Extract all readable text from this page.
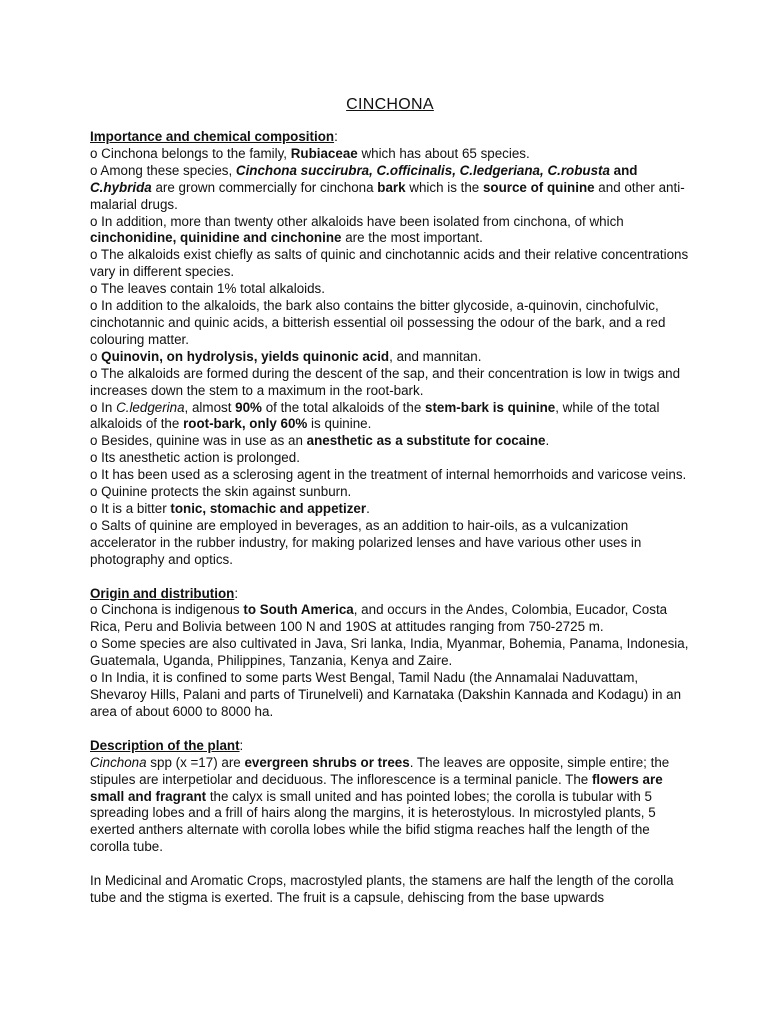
CINCHONA
Importance and chemical composition:
o Cinchona belongs to the family, Rubiaceae which has about 65 species.
o Among these species, Cinchona succirubra, C.officinalis, C.ledgeriana, C.robusta and C.hybrida are grown commercially for cinchona bark which is the source of quinine and other anti-malarial drugs.
o In addition, more than twenty other alkaloids have been isolated from cinchona, of which cinchonidine, quinidine and cinchonine are the most important.
o The alkaloids exist chiefly as salts of quinic and cinchotannic acids and their relative concentrations vary in different species.
o The leaves contain 1% total alkaloids.
o In addition to the alkaloids, the bark also contains the bitter glycoside, a-quinovin, cinchofulvic, cinchotannic and quinic acids, a bitterish essential oil possessing the odour of the bark, and a red colouring matter.
o Quinovin, on hydrolysis, yields quinonic acid, and mannitan.
o The alkaloids are formed during the descent of the sap, and their concentration is low in twigs and increases down the stem to a maximum in the root-bark.
o In C.ledgerina, almost 90% of the total alkaloids of the stem-bark is quinine, while of the total alkaloids of the root-bark, only 60% is quinine.
o Besides, quinine was in use as an anesthetic as a substitute for cocaine.
o Its anesthetic action is prolonged.
o It has been used as a sclerosing agent in the treatment of internal hemorrhoids and varicose veins.
o Quinine protects the skin against sunburn.
o It is a bitter tonic, stomachic and appetizer.
o Salts of quinine are employed in beverages, as an addition to hair-oils, as a vulcanization accelerator in the rubber industry, for making polarized lenses and have various other uses in photography and optics.
Origin and distribution:
o Cinchona is indigenous to South America, and occurs in the Andes, Colombia, Eucador, Costa Rica, Peru and Bolivia between 100 N and 190S at attitudes ranging from 750-2725 m.
o Some species are also cultivated in Java, Sri lanka, India, Myanmar, Bohemia, Panama, Indonesia, Guatemala, Uganda, Philippines, Tanzania, Kenya and Zaire.
o In India, it is confined to some parts West Bengal, Tamil Nadu (the Annamalai Naduvattam, Shevaroy Hills, Palani and parts of Tirunelveli) and Karnataka (Dakshin Kannada and Kodagu) in an area of about 6000 to 8000 ha.
Description of the plant:
Cinchona spp (x =17) are evergreen shrubs or trees. The leaves are opposite, simple entire; the stipules are interpetiolar and deciduous. The inflorescence is a terminal panicle. The flowers are small and fragrant the calyx is small united and has pointed lobes; the corolla is tubular with 5 spreading lobes and a frill of hairs along the margins, it is heterostylous. In microstyled plants, 5 exerted anthers alternate with corolla lobes while the bifid stigma reaches half the length of the corolla tube.
In Medicinal and Aromatic Crops, macrostyled plants, the stamens are half the length of the corolla tube and the stigma is exerted. The fruit is a capsule, dehiscing from the base upwards
